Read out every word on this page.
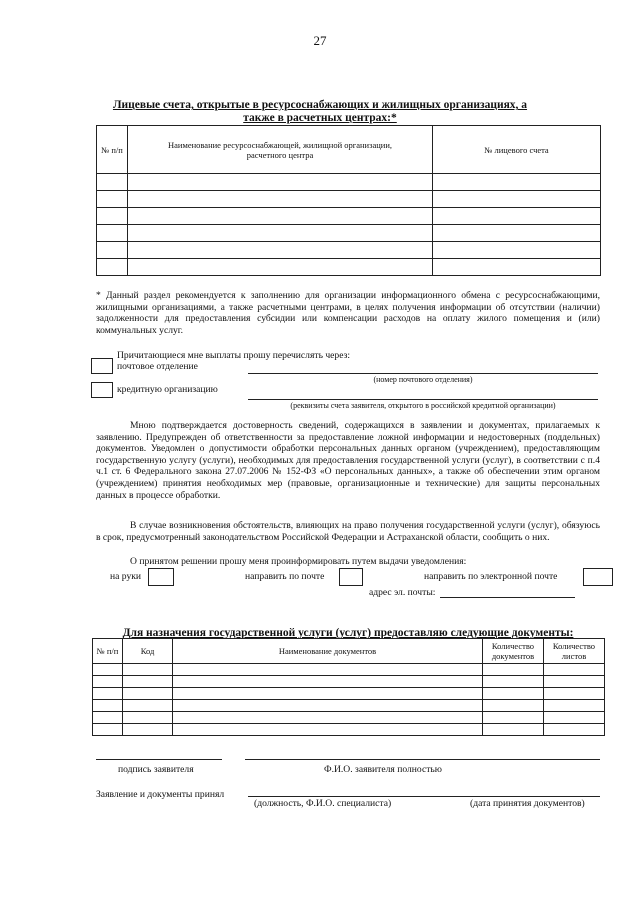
27
Лицевые счета, открытые в ресурсоснабжающих и жилищных организациях, а также в расчетных центрах:*
№ п/п	Наименование ресурсоснабжающей, жилищной организации, расчетного центра	№ лицевого счета

* Данный раздел рекомендуется к заполнению для организации информационного обмена с ресурсоснабжающими, жилищными организациями, а также расчетными центрами, в целях получения информации об отсутствии (наличии) задолженности для предоставления субсидии или компенсации расходов на оплату жилого помещения и (или) коммунальных услуг.
Причитающиеся мне выплаты прошу перечислять через:
почтовое отделение
(номер почтового отделения)
кредитную организацию
(реквизиты счета заявителя, открытого в российской кредитной организации)
Мною подтверждается достоверность сведений, содержащихся в заявлении и документах, прилагаемых к заявлению. Предупрежден об ответственности за предоставление ложной информации и недостоверных (поддельных) документов. Уведомлен о допустимости обработки персональных данных органом (учреждением), предоставляющим государственную услугу (услуги), необходимых для предоставления государственной услуги (услуг), в соответствии с п.4 ч.1 ст. 6 Федерального закона 27.07.2006 № 152-ФЗ «О персональных данных», а также об обеспечении этим органом (учреждением) принятия необходимых мер (правовые, организационные и технические) для защиты персональных данных в процессе обработки.
В случае возникновения обстоятельств, влияющих на право получения государственной услуги (услуг), обязуюсь в срок, предусмотренный законодательством Российской Федерации и Астраханской области, сообщить о них.
О принятом решении прошу меня проинформировать путем выдачи уведомления:
на руки	направить по почте	направить по электронной почте
адрес эл. почты:
Для назначения государственной услуги (услуг) предоставляю следующие документы:
№ п/п	Код	Наименование документов	Количество документов	Количество листов

подпись заявителя	Ф.И.О. заявителя полностью
Заявление и документы принял
(должность, Ф.И.О. специалиста)	(дата принятия документов)
